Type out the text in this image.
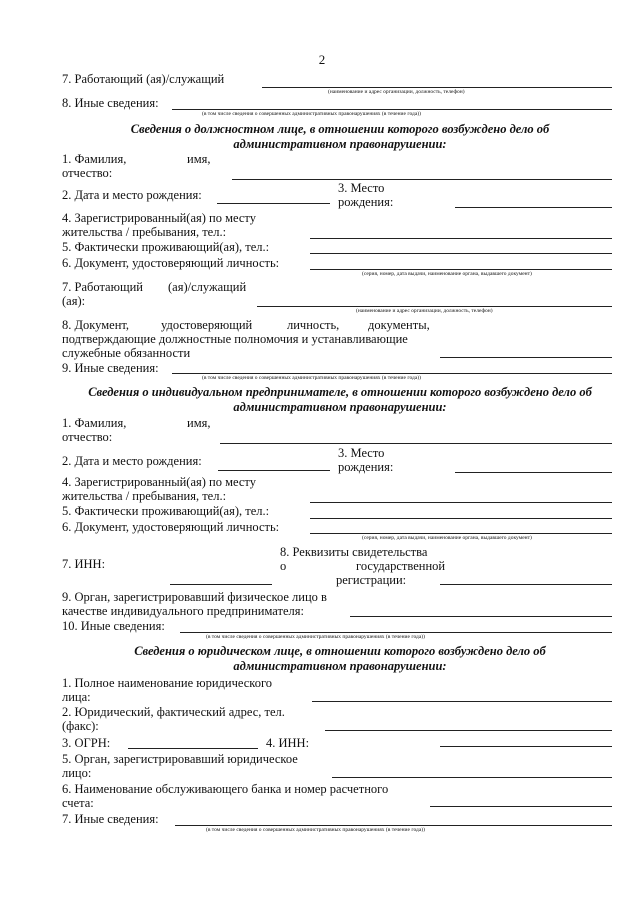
2
7. Работающий (ая)/служащий
(наименование и адрес организации, должность, телефон)
8. Иные сведения:
(в том числе сведения о совершенных административных правонарушениях (в течение года))
Сведения о должностном лице, в отношении которого возбуждено дело об
административном правонарушении:
1. Фамилия,	имя,
отчество:
2. Дата и место рождения:	3. Место
рождения:
4. Зарегистрированный(ая) по месту
жительства / пребывания, тел.:
5. Фактически проживающий(ая), тел.:
6. Документ, удостоверяющий личность:
(серия, номер, дата выдачи, наименование органа, выдавшего документ)
7. Работающий (ая)/служащий
(ая):
(наименование и адрес организации, должность, телефон)
8. Документ,	удостоверяющий	личность, документы,
подтверждающие должностные полномочия и устанавливающие
служебные обязанности
9. Иные сведения:
(в том числе сведения о совершенных административных правонарушениях (в течение года))
Сведения о индивидуальном предпринимателе, в отношении которого возбуждено дело об
административном правонарушении:
1. Фамилия,	имя,
отчество:
2. Дата и место рождения:
3. Место
рождения:
4. Зарегистрированный(ая) по месту
жительства / пребывания, тел.:
5. Фактически проживающий(ая), тел.:
6. Документ, удостоверяющий личность:
(серия, номер, дата выдачи, наименование органа, выдавшего документ)
7. ИНН:
8. Реквизиты свидетельства
о	государственной
регистрации:
9. Орган, зарегистрировавший физическое лицо в
качестве индивидуального предпринимателя:
10. Иные сведения:
(в том числе сведения о совершенных административных правонарушениях (в течение года))
Сведения о юридическом лице, в отношении которого возбуждено дело об
административном правонарушении:
1. Полное наименование юридического
лица:
2. Юридический, фактический адрес, тел.
(факс):
3. ОГРН:	4. ИНН:
5. Орган, зарегистрировавший юридическое
лицо:
6. Наименование обслуживающего банка и номер расчетного
счета:
7. Иные сведения:
(в том числе сведения о совершенных административных правонарушениях (в течение года))
